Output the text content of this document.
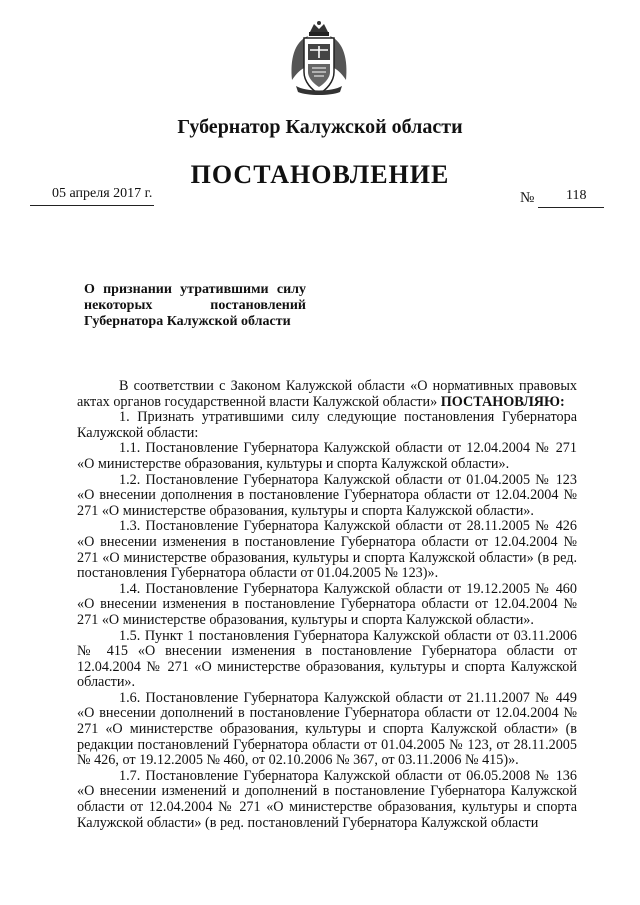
Губернатор Калужской области
ПОСТАНОВЛЕНИЕ
05 апреля 2017 г.	№ 118
О признании утратившими силу
некоторых постановлений
Губернатора Калужской области

В соответствии с Законом Калужской области «О нормативных правовых актах органов государственной власти Калужской области» ПОСТАНОВЛЯЮ:

1. Признать утратившими силу следующие постановления Губернатора Калужской области:

1.1. Постановление Губернатора Калужской области от 12.04.2004 № 271 «О министерстве образования, культуры и спорта Калужской области».

1.2. Постановление Губернатора Калужской области от 01.04.2005 № 123 «О внесении дополнения в постановление Губернатора области от 12.04.2004 № 271 «О министерстве образования, культуры и спорта Калужской области».

1.3. Постановление Губернатора Калужской области от 28.11.2005 № 426 «О внесении изменения в постановление Губернатора области от 12.04.2004 № 271 «О министерстве образования, культуры и спорта Калужской области» (в ред. постановления Губернатора области от 01.04.2005 № 123)».

1.4. Постановление Губернатора Калужской области от 19.12.2005 № 460 «О внесении изменения в постановление Губернатора области от 12.04.2004 № 271 «О министерстве образования, культуры и спорта Калужской области».

1.5. Пункт 1 постановления Губернатора Калужской области от 03.11.2006 № 415 «О внесении изменения в постановление Губернатора области от 12.04.2004 № 271 «О министерстве образования, культуры и спорта Калужской области».

1.6. Постановление Губернатора Калужской области от 21.11.2007 № 449 «О внесении дополнений в постановление Губернатора области от 12.04.2004 № 271 «О министерстве образования, культуры и спорта Калужской области» (в редакции постановлений Губернатора области от 01.04.2005 № 123, от 28.11.2005 № 426, от 19.12.2005 № 460, от 02.10.2006 № 367, от 03.11.2006 № 415)».

1.7. Постановление Губернатора Калужской области от 06.05.2008 № 136 «О внесении изменений и дополнений в постановление Губернатора Калужской области от 12.04.2004 № 271 «О министерстве образования, культуры и спорта Калужской области» (в ред. постановлений Губернатора Калужской области
